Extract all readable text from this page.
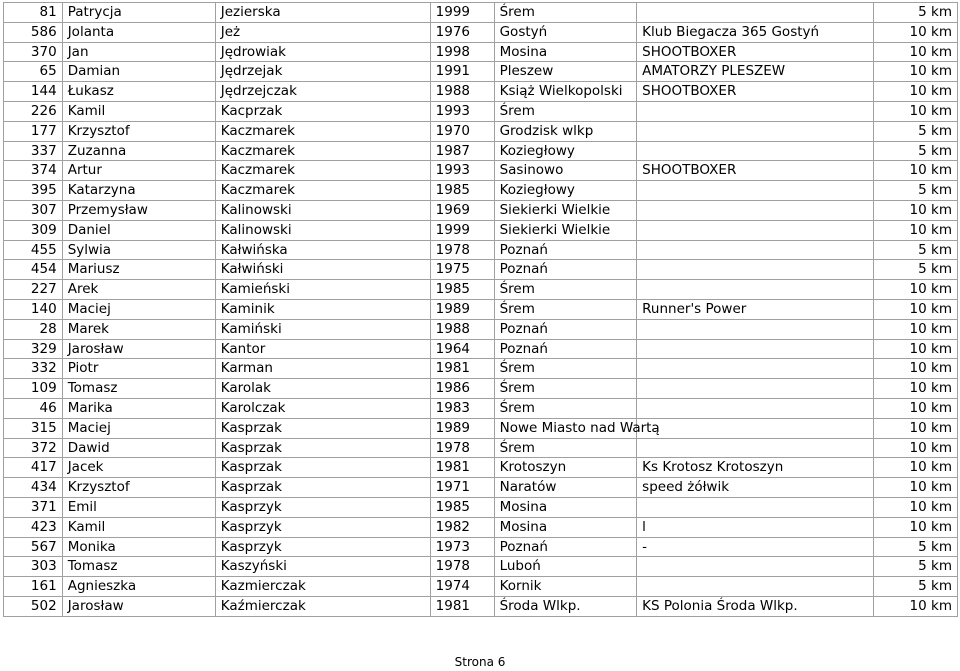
81	Patrycja	Jezierska	1999	Śrem		5 km
586	Jolanta	Jeż	1976	Gostyń	Klub Biegacza 365 Gostyń	10 km
370	Jan	Jędrowiak	1998	Mosina	SHOOTBOXER	10 km
65	Damian	Jędrzejak	1991	Pleszew	AMATORZY PLESZEW	10 km
144	Łukasz	Jędrzejczak	1988	Książ Wielkopolski	SHOOTBOXER	10 km
226	Kamil	Kacprzak	1993	Śrem		10 km
177	Krzysztof	Kaczmarek	1970	Grodzisk wlkp		5 km
337	Zuzanna	Kaczmarek	1987	Koziegłowy		5 km
374	Artur	Kaczmarek	1993	Sasinowo	SHOOTBOXER	10 km
395	Katarzyna	Kaczmarek	1985	Koziegłowy		5 km
307	Przemysław	Kalinowski	1969	Siekierki Wielkie		10 km
309	Daniel	Kalinowski	1999	Siekierki Wielkie		10 km
455	Sylwia	Kałwińska	1978	Poznań		5 km
454	Mariusz	Kałwiński	1975	Poznań		5 km
227	Arek	Kamieński	1985	Śrem		10 km
140	Maciej	Kaminik	1989	Śrem	Runner's Power	10 km
28	Marek	Kamiński	1988	Poznań		10 km
329	Jarosław	Kantor	1964	Poznań		10 km
332	Piotr	Karman	1981	Śrem		10 km
109	Tomasz	Karolak	1986	Śrem		10 km
46	Marika	Karolczak	1983	Śrem		10 km
315	Maciej	Kasprzak	1989	Nowe Miasto nad Wartą		10 km
372	Dawid	Kasprzak	1978	Śrem		10 km
417	Jacek	Kasprzak	1981	Krotoszyn	Ks Krotosz Krotoszyn	10 km
434	Krzysztof	Kasprzak	1971	Naratów	speed żółwik	10 km
371	Emil	Kasprzyk	1985	Mosina		10 km
423	Kamil	Kasprzyk	1982	Mosina	l	10 km
567	Monika	Kasprzyk	1973	Poznań	-	5 km
303	Tomasz	Kaszyński	1978	Luboń		5 km
161	Agnieszka	Kazmierczak	1974	Kornik		5 km
502	Jarosław	Kaźmierczak	1981	Środa Wlkp.	KS Polonia Środa Wlkp.	10 km
Strona 6
